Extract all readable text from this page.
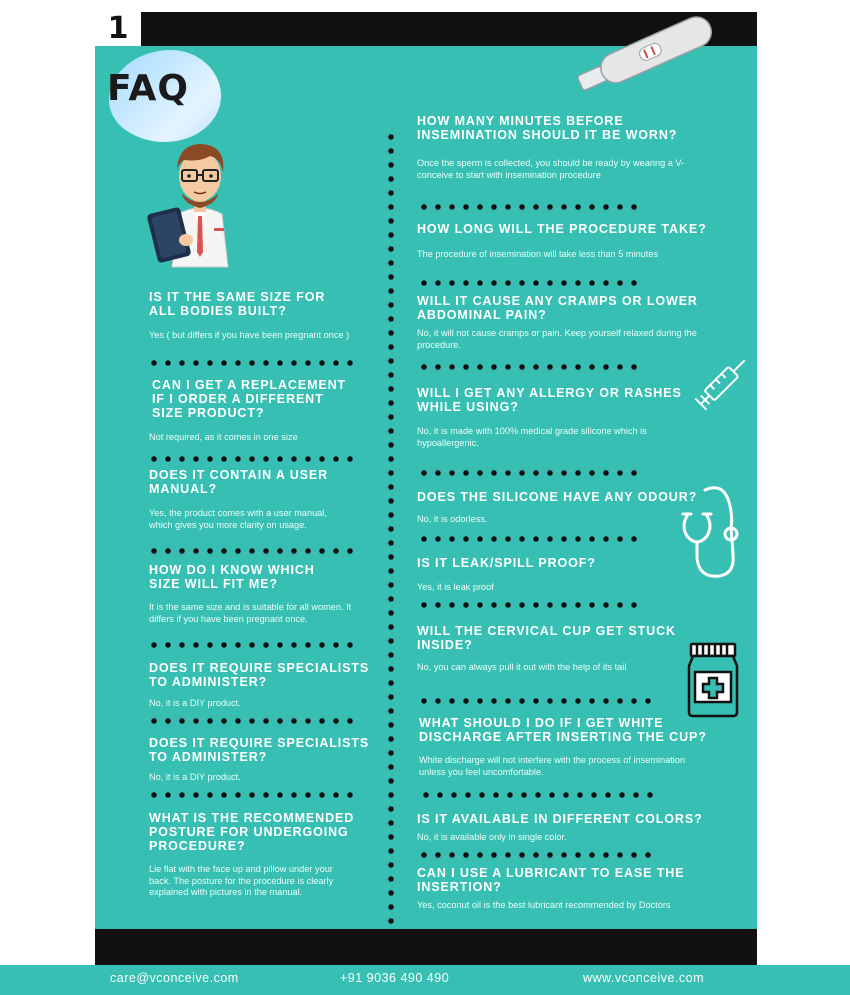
1
FAQ

IS IT THE SAME SIZE FOR ALL BODIES BUILT?

Yes ( but differs if you have been pregnant once )

CAN I GET A REPLACEMENT IF I ORDER A DIFFERENT SIZE PRODUCT?

Not required, as it comes in one size

DOES IT CONTAIN A USER MANUAL?

Yes, the product comes with a user manual, which gives you more clarity on usage.

HOW DO I KNOW WHICH SIZE WILL FIT ME?

It is the same size and is suitable for all women. It differs if you have been pregnant once.

DOES IT REQUIRE SPECIALISTS TO ADMINISTER?

No, it is a DIY product.

DOES IT REQUIRE SPECIALISTS TO ADMINISTER?

No, it is a DIY product.

WHAT IS THE RECOMMENDED POSTURE FOR UNDERGOING PROCEDURE?

Lie flat with the face up and pillow under your back. The posture for the procedure is clearly explained with pictures in the manual.

HOW MANY MINUTES BEFORE INSEMINATION SHOULD IT BE WORN?

Once the sperm is collected, you should be ready by wearing a V-conceive to start with insemination procedure

HOW LONG WILL THE PROCEDURE TAKE?

The procedure of insemination will take less than 5 minutes

WILL IT CAUSE ANY CRAMPS OR LOWER ABDOMINAL PAIN?

No, it will not cause cramps or pain. Keep yourself relaxed during the procedure.

WILL I GET ANY ALLERGY OR RASHES WHILE USING?

No, it is made with 100% medical grade silicone which is hypoallergenic.

DOES THE SILICONE HAVE ANY ODOUR?

No, it is odorless.

IS IT LEAK/SPILL PROOF?

Yes, it is leak proof

WILL THE CERVICAL CUP GET STUCK INSIDE?

No, you can always pull it out with the help of its tail

WHAT SHOULD I DO IF I GET WHITE DISCHARGE AFTER INSERTING THE CUP?

White discharge will not interfere with the process of insemination unless you feel uncomfortable.

IS IT AVAILABLE IN DIFFERENT COLORS?

No, it is available only in single color.

CAN I USE A LUBRICANT TO EASE THE INSERTION?

Yes, coconut oil is the best lubricant recommended by Doctors

care@vconceive.com	+91 9036 490 490	www.vconceive.com
